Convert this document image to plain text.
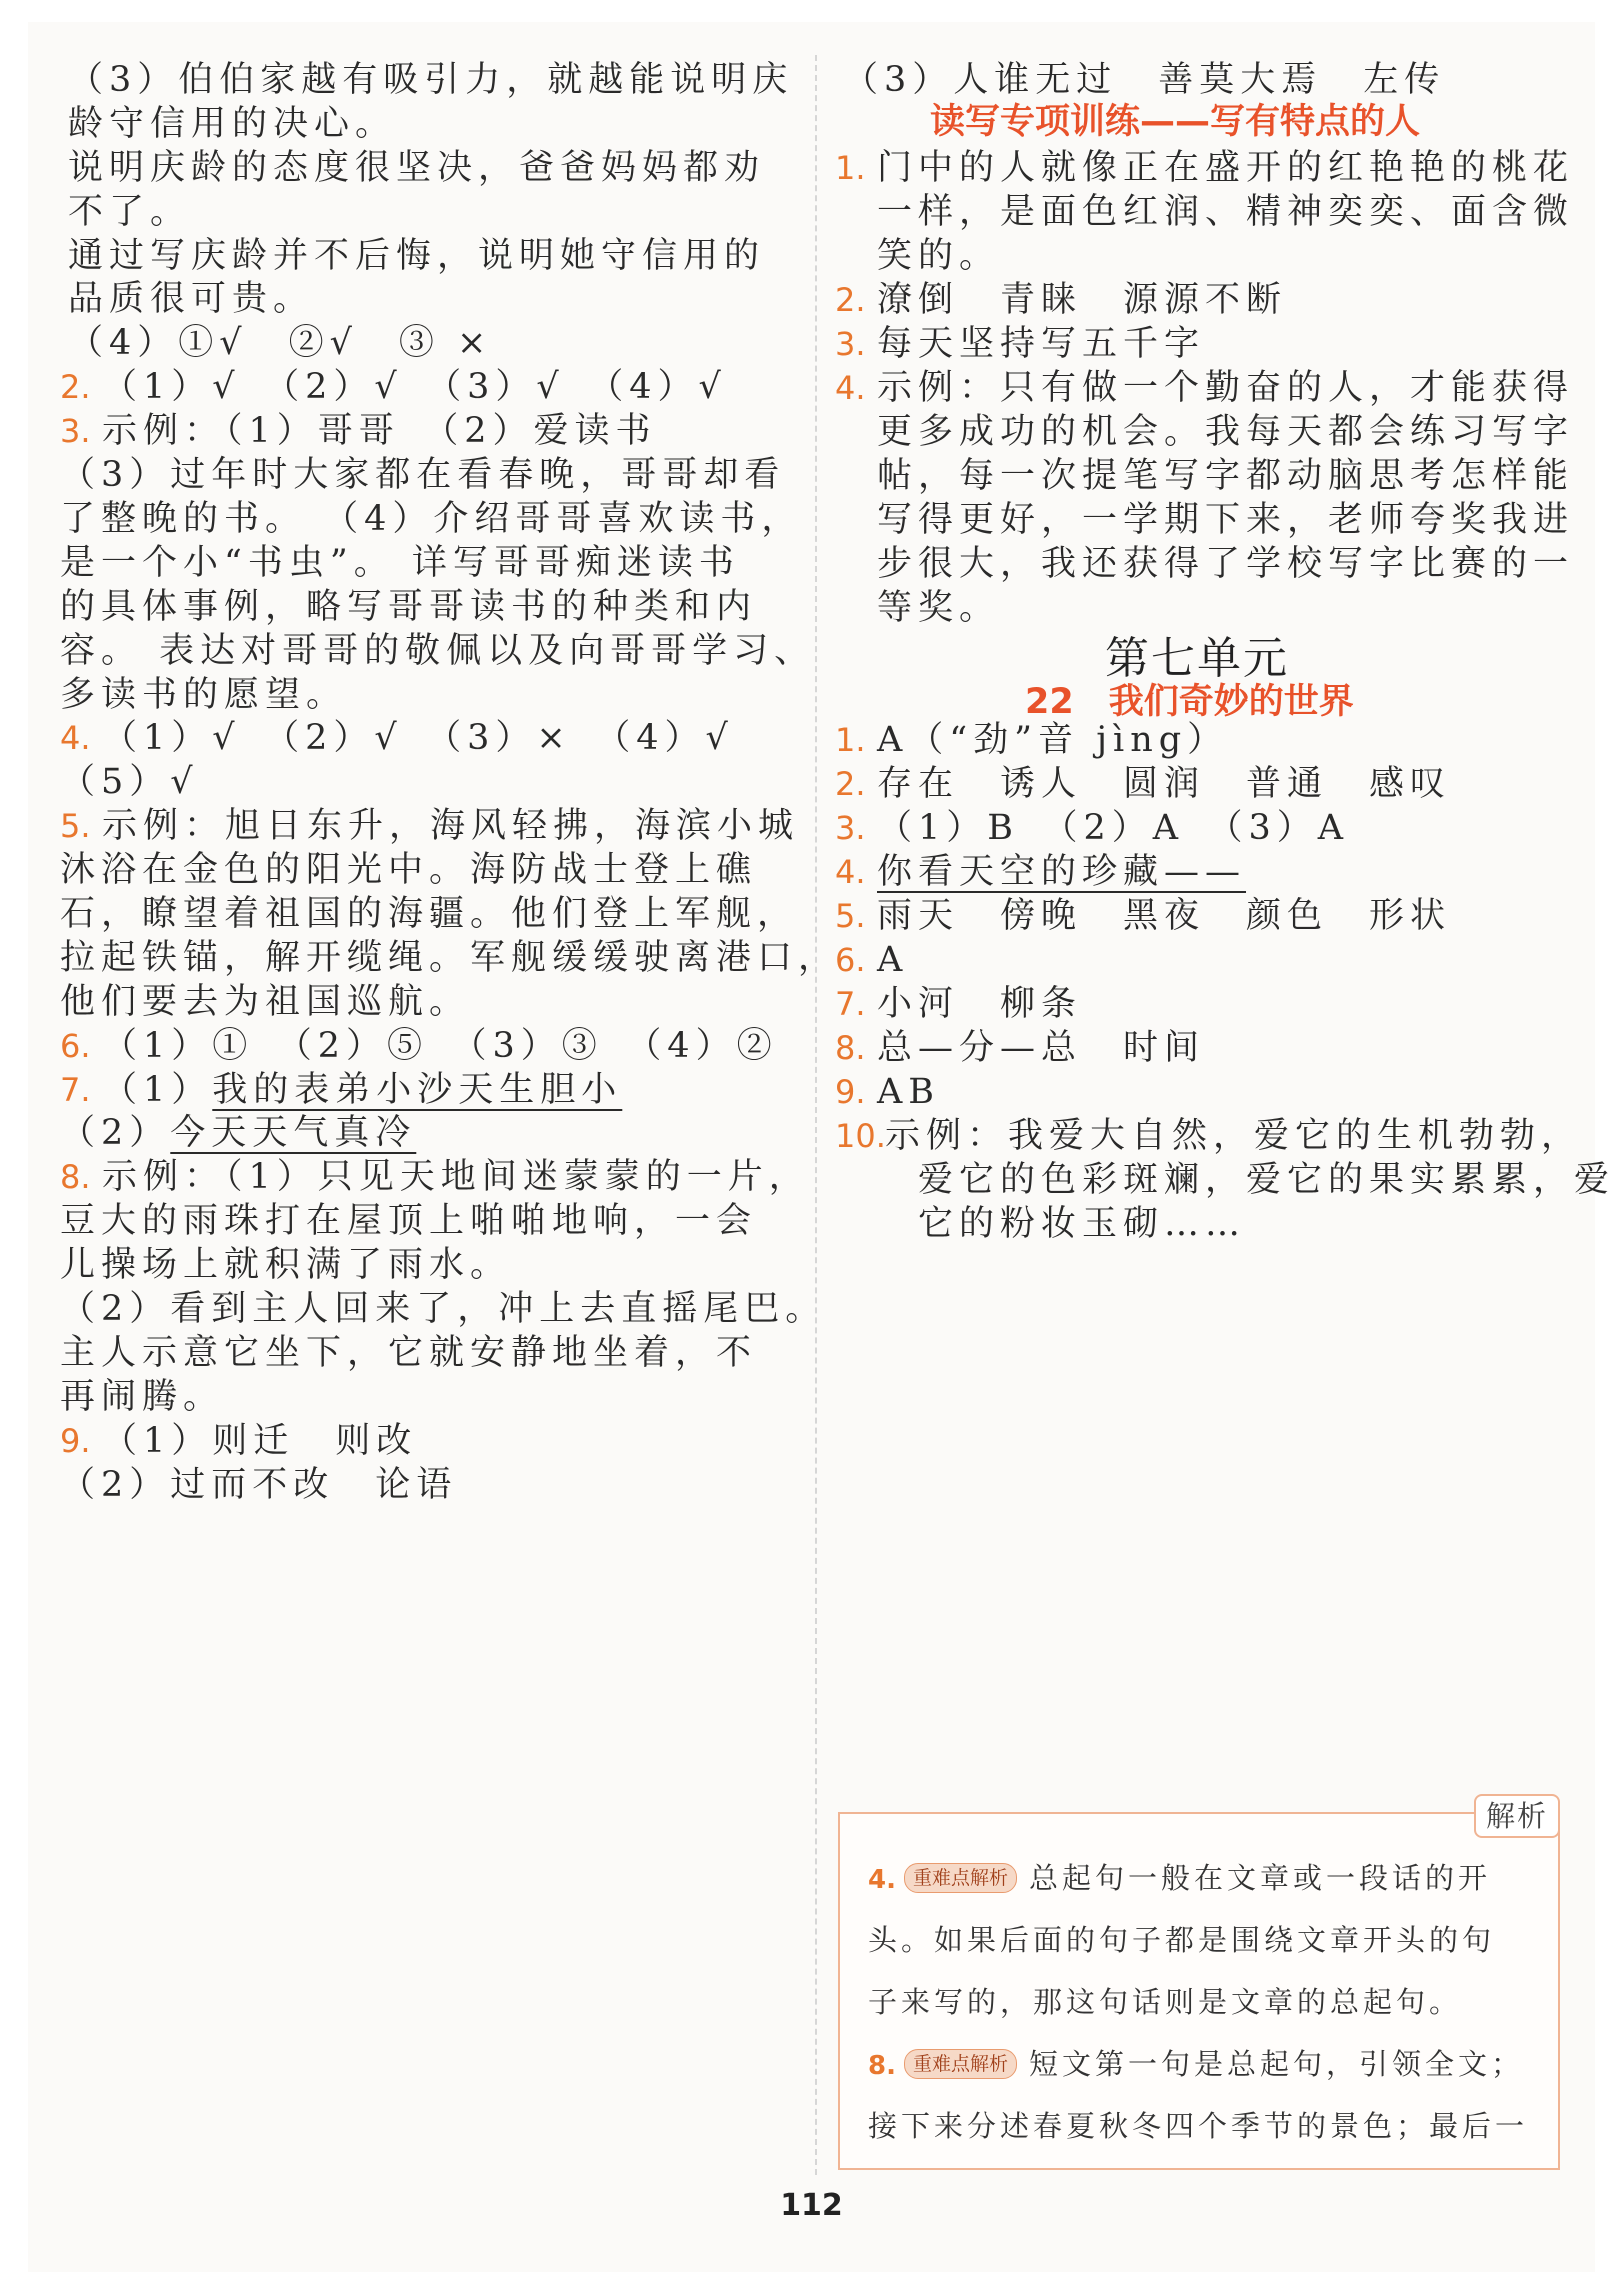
（3）伯伯家越有吸引力，就越能说明庆
龄守信用的决心。
说明庆龄的态度很坚决，爸爸妈妈都劝
不了。
通过写庆龄并不后悔，说明她守信用的
品质很可贵。
（4）①√　②√　③ ×
2. （1）√　（2）√　（3）√　（4）√
3. 示例：（1）哥哥　（2）爱读书
（3）过年时大家都在看春晚，哥哥却看
了整晚的书。 （4）介绍哥哥喜欢读书，
是一个小“书虫”。 详写哥哥痴迷读书
的具体事例，略写哥哥读书的种类和内
容。 表达对哥哥的敬佩以及向哥哥学习、
多读书的愿望。
4. （1）√　（2）√　（3）×　（4）√
（5）√
5. 示例：旭日东升，海风轻拂，海滨小城
沐浴在金色的阳光中。海防战士登上礁
石，瞭望着祖国的海疆。他们登上军舰，
拉起铁锚，解开缆绳。军舰缓缓驶离港口，
他们要去为祖国巡航。
6. （1）①　（2）⑤　（3）③　（4）②
7. （1）我的表弟小沙天生胆小
（2）今天天气真冷
8. 示例：（1）只见天地间迷蒙蒙的一片，
豆大的雨珠打在屋顶上啪啪地响，一会
儿操场上就积满了雨水。
（2）看到主人回来了，冲上去直摇尾巴。
主人示意它坐下，它就安静地坐着，不
再闹腾。
9. （1）则迁　则改
（2）过而不改　论语
（3）人谁无过　善莫大焉　左传
读写专项训练——写有特点的人
1. 门中的人就像正在盛开的红艳艳的桃花
一样，是面色红润、精神奕奕、面含微
笑的。
2. 潦倒　青睐　源源不断
3. 每天坚持写五千字
4. 示例：只有做一个勤奋的人，才能获得
更多成功的机会。我每天都会练习写字
帖，每一次提笔写字都动脑思考怎样能
写得更好，一学期下来，老师夸奖我进
步很大，我还获得了学校写字比赛的一
等奖。
第七单元
22　我们奇妙的世界
1. A（“劲”音 jìng）
2. 存在　诱人　圆润　普通　感叹
3. （1）B　（2）A　（3）A
4. 你看天空的珍藏——
5. 雨天　傍晚　黑夜　颜色　形状
6. A
7. 小河　柳条
8. 总—分—总　时间
9. AB
10.示例：我爱大自然，爱它的生机勃勃，
　爱它的色彩斑斓，爱它的果实累累，爱
　它的粉妆玉砌……
解析
4. 重难点解析 总起句一般在文章或一段话的开
头。如果后面的句子都是围绕文章开头的句
子来写的，那这句话则是文章的总起句。
8. 重难点解析 短文第一句是总起句，引领全文；
接下来分述春夏秋冬四个季节的景色；最后一
112
